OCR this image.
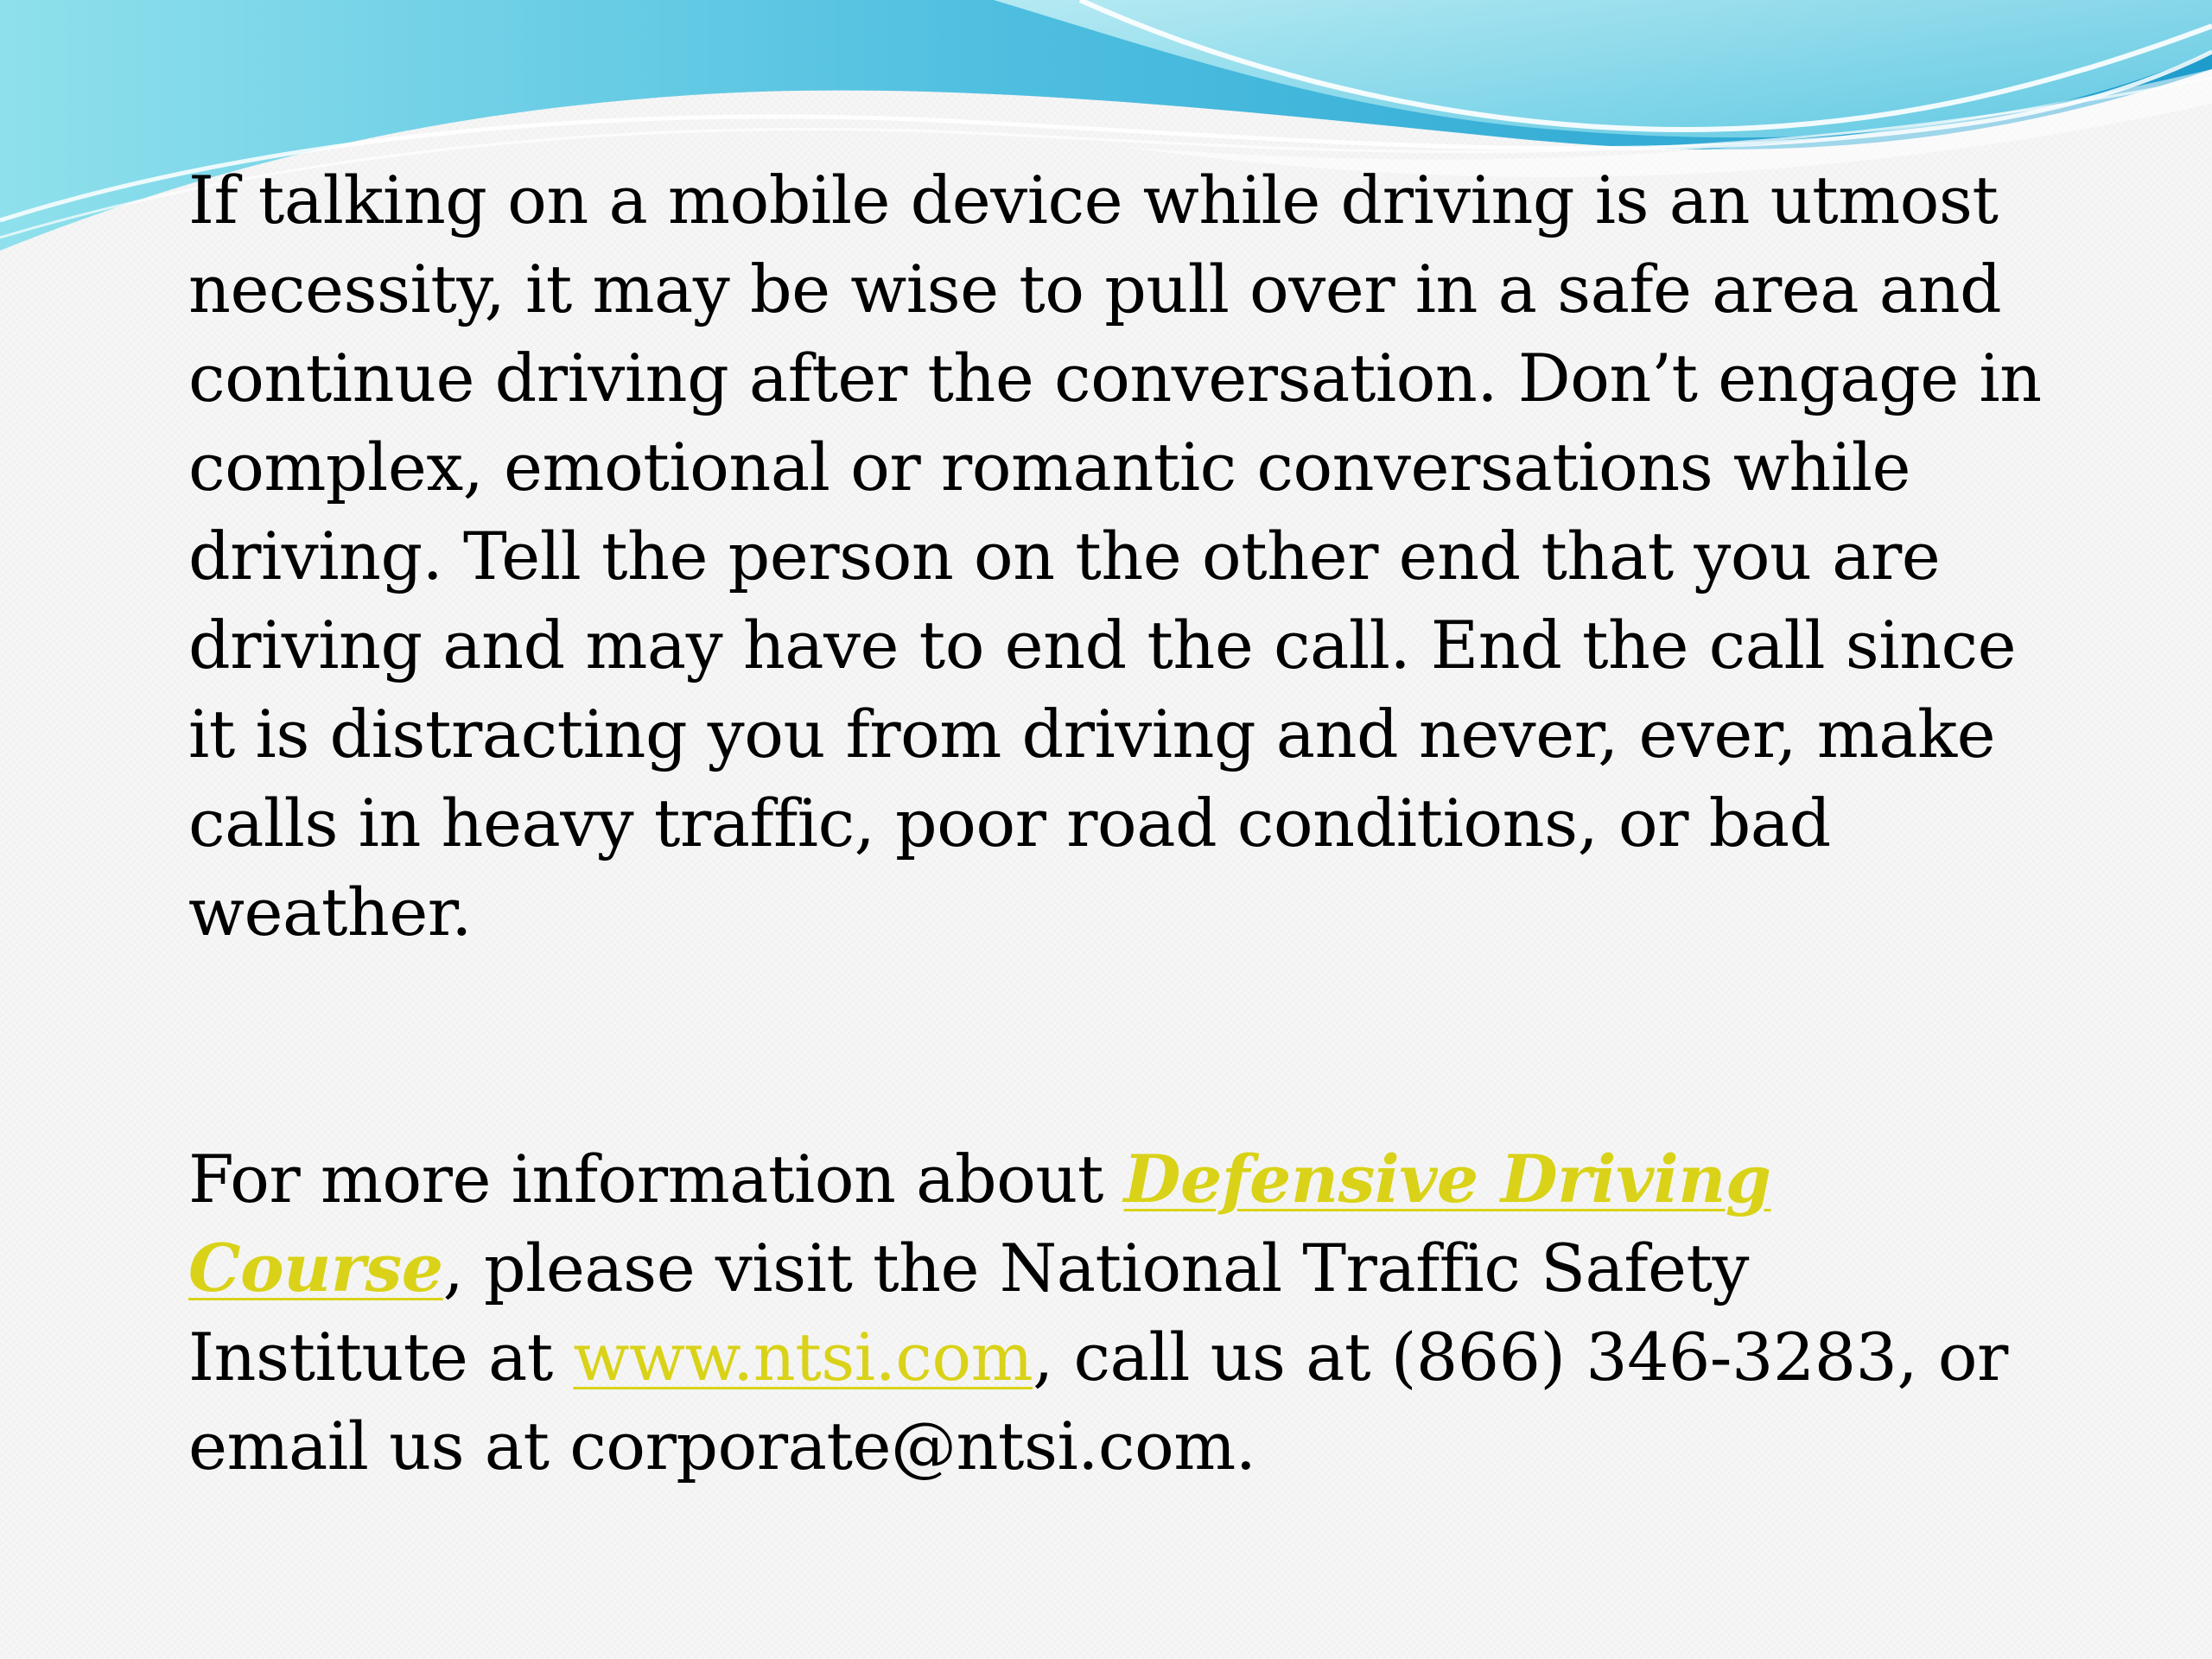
If talking on a mobile device while driving is an utmost necessity, it may be wise to pull over in a safe area and continue driving after the conversation. Don’t engage in complex, emotional or romantic conversations while driving. Tell the person on the other end that you are driving and may have to end the call. End the call since it is distracting you from driving and never, ever, make calls in heavy traffic, poor road conditions, or bad weather.

For more information about Defensive Driving Course, please visit the National Traffic Safety Institute at www.ntsi.com, call us at (866) 346-3283, or email us at corporate@ntsi.com.
